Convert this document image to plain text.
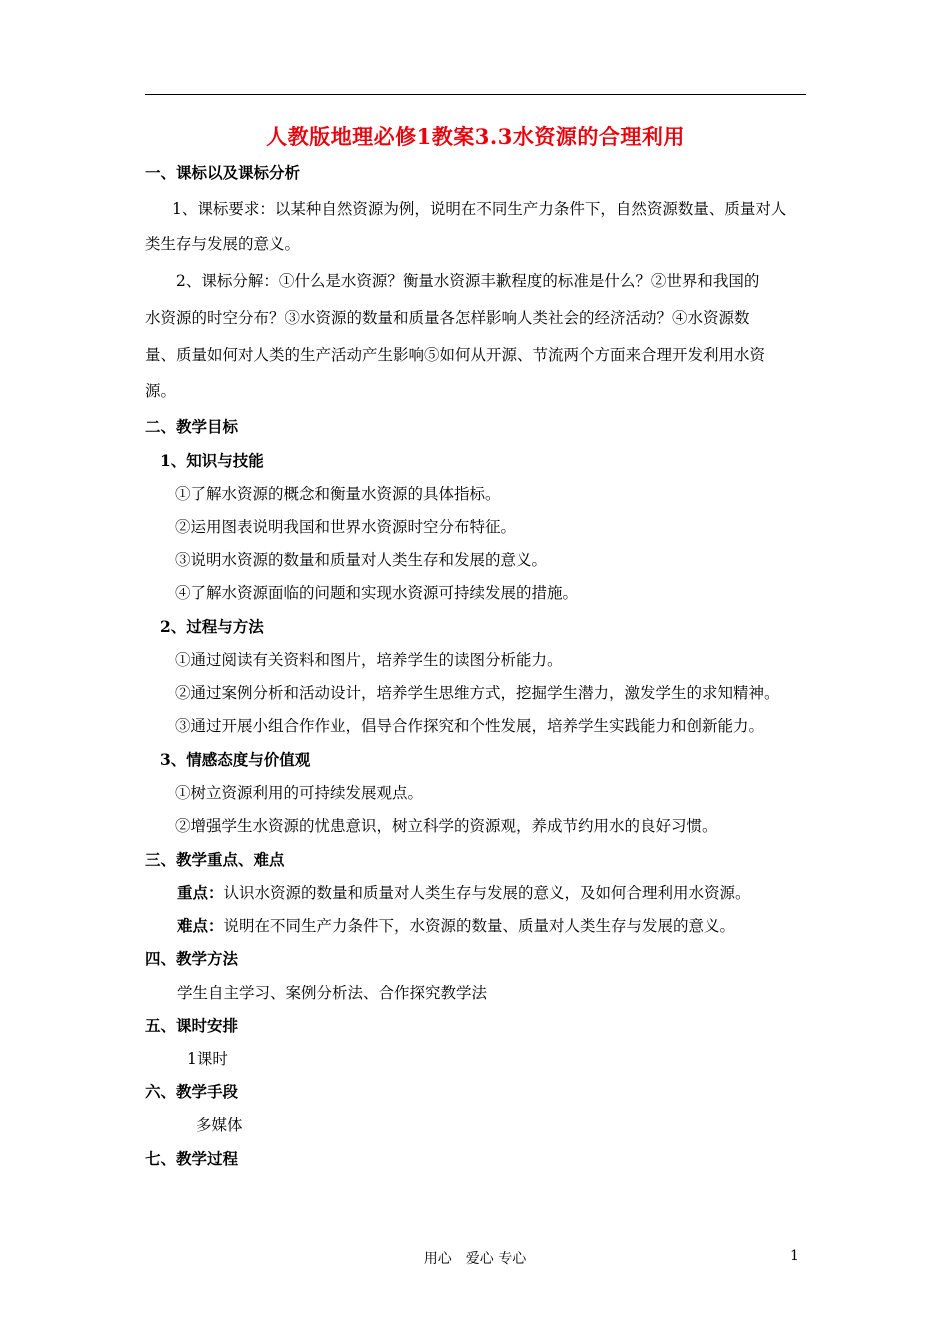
人教版地理必修1教案3.3水资源的合理利用
一、课标以及课标分析
1、课标要求：以某种自然资源为例，说明在不同生产力条件下，自然资源数量、质量对人
类生存与发展的意义。
2、课标分解：①什么是水资源？衡量水资源丰歉程度的标准是什么？②世界和我国的
水资源的时空分布？③水资源的数量和质量各怎样影响人类社会的经济活动？④水资源数
量、质量如何对人类的生产活动产生影响⑤如何从开源、节流两个方面来合理开发利用水资
源。
二、教学目标
1、知识与技能
①了解水资源的概念和衡量水资源的具体指标。
②运用图表说明我国和世界水资源时空分布特征。
③说明水资源的数量和质量对人类生存和发展的意义。
④了解水资源面临的问题和实现水资源可持续发展的措施。
2、过程与方法
①通过阅读有关资料和图片，培养学生的读图分析能力。
②通过案例分析和活动设计，培养学生思维方式，挖掘学生潜力，激发学生的求知精神。
③通过开展小组合作作业，倡导合作探究和个性发展，培养学生实践能力和创新能力。
3、情感态度与价值观
①树立资源利用的可持续发展观点。
②增强学生水资源的忧患意识，树立科学的资源观，养成节约用水的良好习惯。
三、教学重点、难点
重点：认识水资源的数量和质量对人类生存与发展的意义，及如何合理利用水资源。
难点：说明在不同生产力条件下，水资源的数量、质量对人类生存与发展的意义。
四、教学方法
学生自主学习、案例分析法、合作探究教学法
五、课时安排
1课时
六、教学手段
多媒体
七、教学过程
用心　爱心 专心	1
